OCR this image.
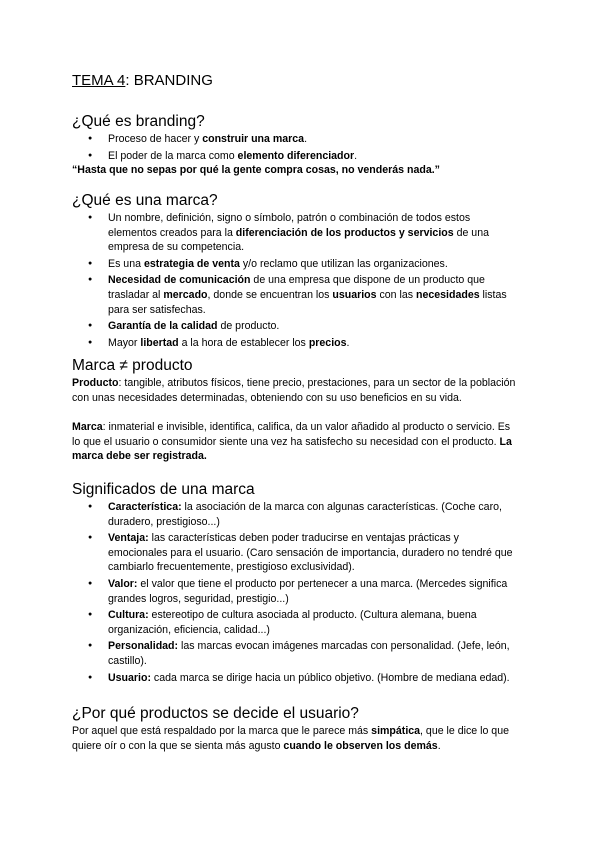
TEMA 4: BRANDING
¿Qué es branding?
● Proceso de hacer y construir una marca.
● El poder de la marca como elemento diferenciador.

“Hasta que no sepas por qué la gente compra cosas, no venderás nada.”

¿Qué es una marca?
● Un nombre, definición, signo o símbolo, patrón o combinación de todos estos elementos creados para la diferenciación de los productos y servicios de una empresa de su competencia.
● Es una estrategia de venta y/o reclamo que utilizan las organizaciones.
● Necesidad de comunicación de una empresa que dispone de un producto que trasladar al mercado, donde se encuentran los usuarios con las necesidades listas para ser satisfechas.
● Garantía de la calidad de producto.
● Mayor libertad a la hora de establecer los precios.
Marca ≠ producto

Producto: tangible, atributos físicos, tiene precio, prestaciones, para un sector de la población con unas necesidades determinadas, obteniendo con su uso beneficios en su vida.

Marca: inmaterial e invisible, identifica, califica, da un valor añadido al producto o servicio. Es lo que el usuario o consumidor siente una vez ha satisfecho su necesidad con el producto. La marca debe ser registrada.

Significados de una marca
● Característica: la asociación de la marca con algunas características. (Coche caro, duradero, prestigioso...)
● Ventaja: las características deben poder traducirse en ventajas prácticas y emocionales para el usuario. (Caro sensación de importancia, duradero no tendré que cambiarlo frecuentemente, prestigioso exclusividad).
● Valor: el valor que tiene el producto por pertenecer a una marca. (Mercedes significa grandes logros, seguridad, prestigio...)
● Cultura: estereotipo de cultura asociada al producto. (Cultura alemana, buena organización, eficiencia, calidad...)
● Personalidad: las marcas evocan imágenes marcadas con personalidad. (Jefe, león, castillo).
● Usuario: cada marca se dirige hacia un público objetivo. (Hombre de mediana edad).
¿Por qué productos se decide el usuario?

Por aquel que está respaldado por la marca que le parece más simpática, que le dice lo que quiere oír o con la que se sienta más agusto cuando le observen los demás.
